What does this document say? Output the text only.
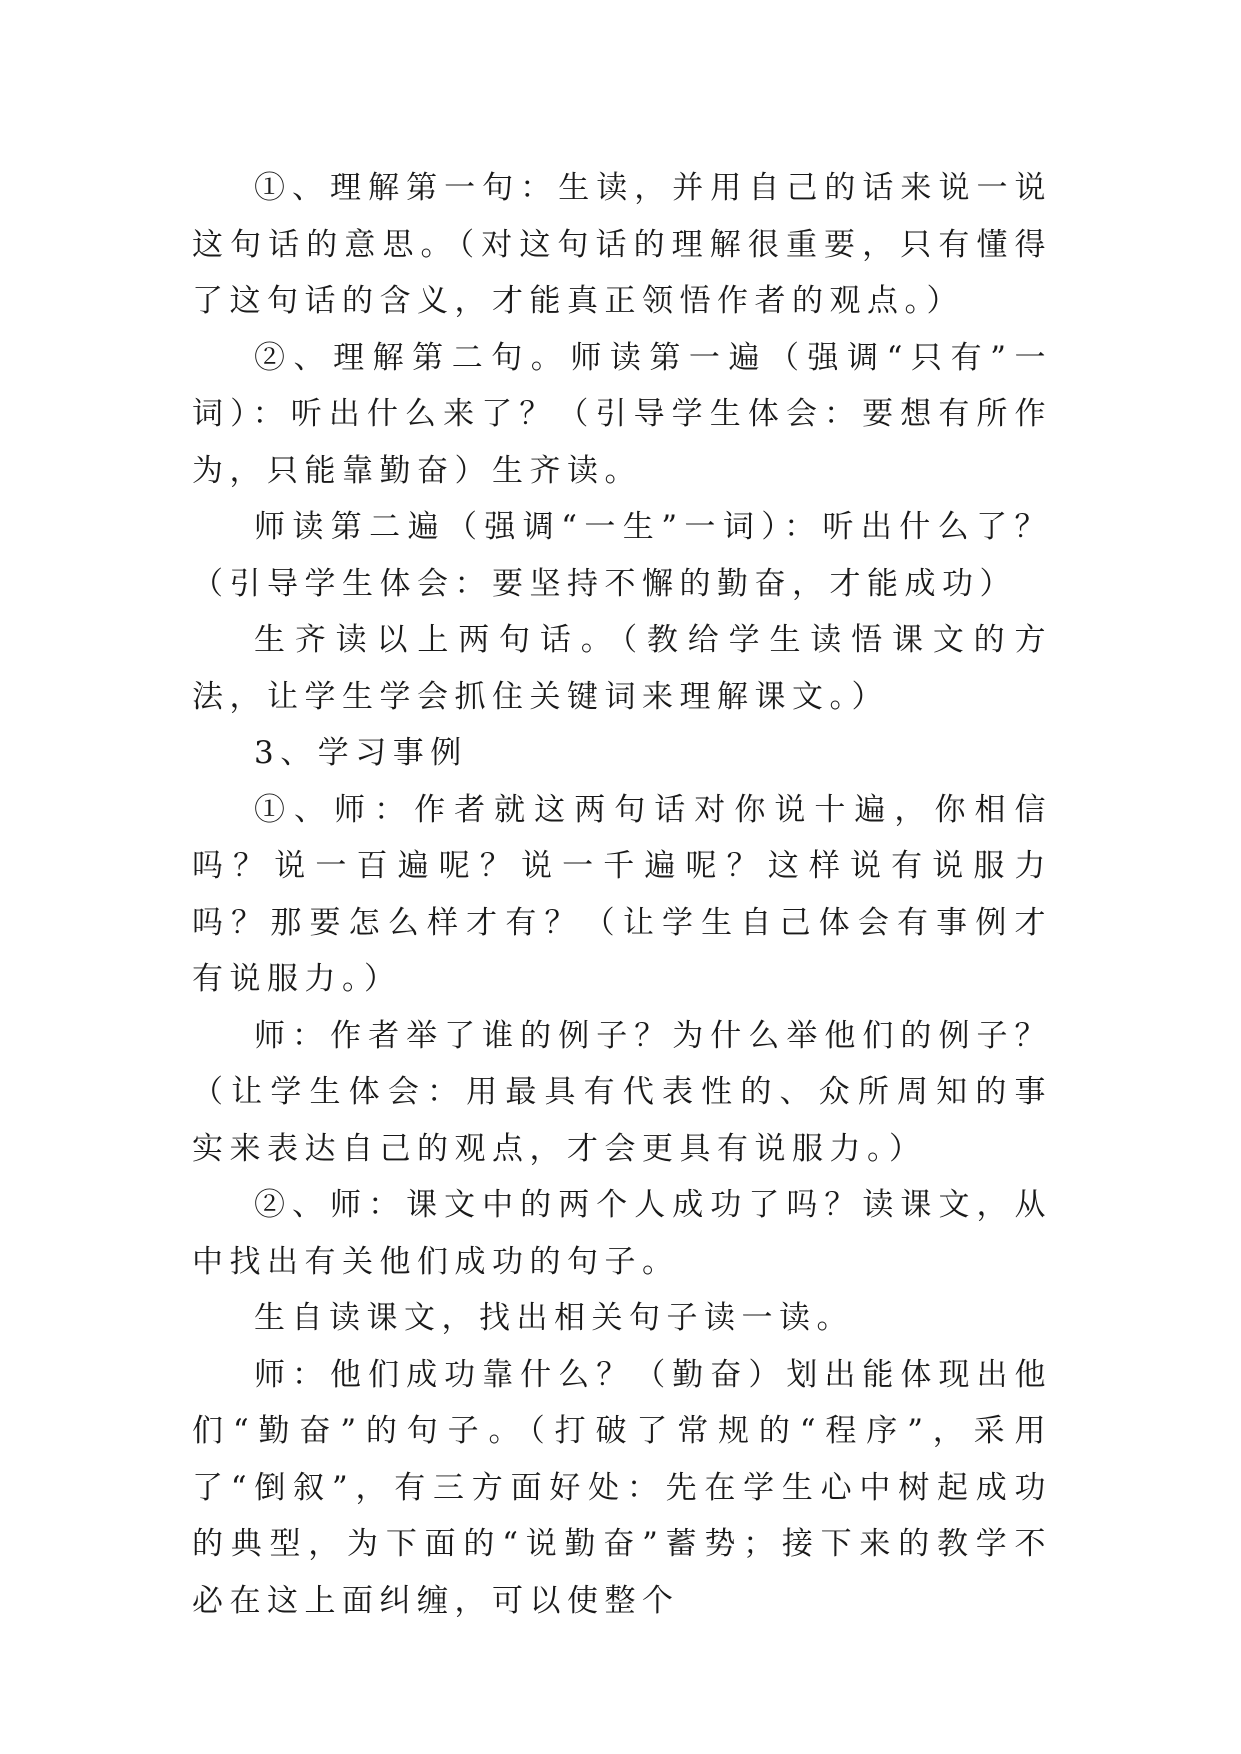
①、理解第一句：生读，并用自己的话来说一说这句话的意思。（对这句话的理解很重要，只有懂得了这句话的含义，才能真正领悟作者的观点。）

②、理解第二句。师读第一遍（强调“只有”一词）：听出什么来了？（引导学生体会：要想有所作为，只能靠勤奋）生齐读。

师读第二遍（强调“一生”一词）：听出什么了？（引导学生体会：要坚持不懈的勤奋，才能成功）

生齐读以上两句话。（教给学生读悟课文的方法，让学生学会抓住关键词来理解课文。）

3、学习事例

①、师：作者就这两句话对你说十遍，你相信吗？说一百遍呢？说一千遍呢？这样说有说服力吗？那要怎么样才有？（让学生自己体会有事例才有说服力。）

师：作者举了谁的例子？为什么举他们的例子？（让学生体会：用最具有代表性的、众所周知的事实来表达自己的观点，才会更具有说服力。）

②、师：课文中的两个人成功了吗？读课文，从中找出有关他们成功的句子。

生自读课文，找出相关句子读一读。

师：他们成功靠什么？（勤奋）划出能体现出他们“勤奋”的句子。（打破了常规的“程序”，采用了“倒叙”，有三方面好处：先在学生心中树起成功的典型，为下面的“说勤奋”蓄势；接下来的教学不必在这上面纠缠，可以使整个
